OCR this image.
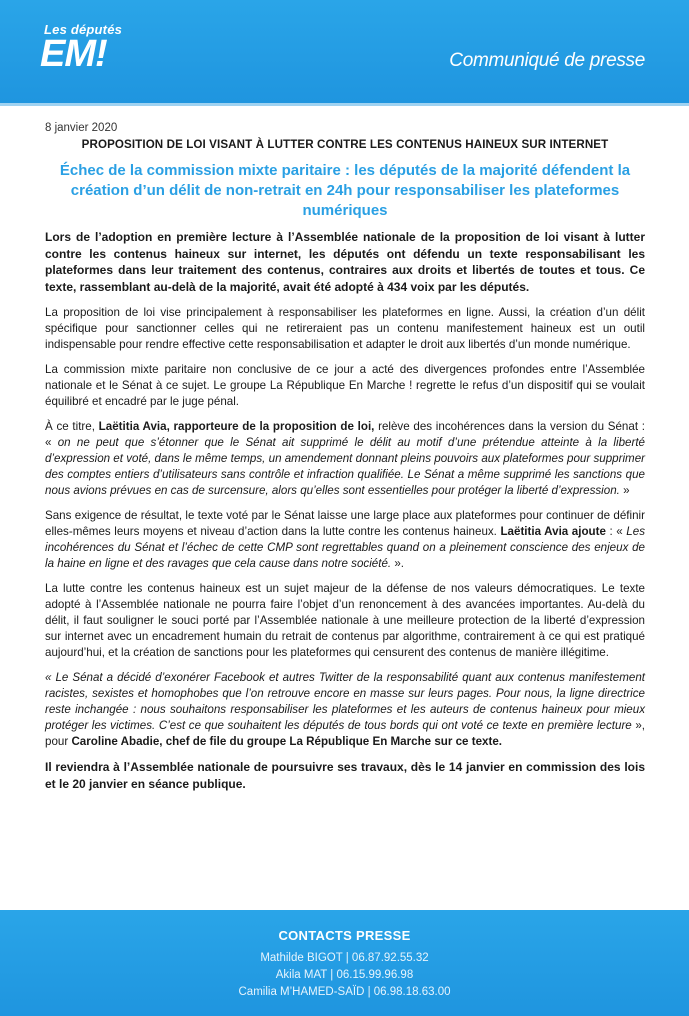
Les députés
EM!	Communiqué de presse
8 janvier 2020
PROPOSITION DE LOI VISANT À LUTTER CONTRE LES CONTENUS HAINEUX SUR INTERNET
Échec de la commission mixte paritaire : les députés de la majorité défendent la création d’un délit de non-retrait en 24h pour responsabiliser les plateformes numériques

Lors de l’adoption en première lecture à l’Assemblée nationale de la proposition de loi visant à lutter contre les contenus haineux sur internet, les députés ont défendu un texte responsabilisant les plateformes dans leur traitement des contenus, contraires aux droits et libertés de toutes et tous. Ce texte, rassemblant au-delà de la majorité, avait été adopté à 434 voix par les députés.

La proposition de loi vise principalement à responsabiliser les plateformes en ligne. Aussi, la création d’un délit spécifique pour sanctionner celles qui ne retireraient pas un contenu manifestement haineux est un outil indispensable pour rendre effective cette responsabilisation et adapter le droit aux libertés d’un monde numérique.

La commission mixte paritaire non conclusive de ce jour a acté des divergences profondes entre l’Assemblée nationale et le Sénat à ce sujet. Le groupe La République En Marche ! regrette le refus d’un dispositif qui se voulait équilibré et encadré par le juge pénal.

À ce titre, Laëtitia Avia, rapporteure de la proposition de loi, relève des incohérences dans la version du Sénat : « on ne peut que s’étonner que le Sénat ait supprimé le délit au motif d’une prétendue atteinte à la liberté d’expression et voté, dans le même temps, un amendement donnant pleins pouvoirs aux plateformes pour supprimer des comptes entiers d’utilisateurs sans contrôle et infraction qualifiée. Le Sénat a même supprimé les sanctions que nous avions prévues en cas de surcensure, alors qu’elles sont essentielles pour protéger la liberté d’expression. »

Sans exigence de résultat, le texte voté par le Sénat laisse une large place aux plateformes pour continuer de définir elles-mêmes leurs moyens et niveau d’action dans la lutte contre les contenus haineux. Laëtitia Avia ajoute : « Les incohérences du Sénat et l’échec de cette CMP sont regrettables quand on a pleinement conscience des enjeux de la haine en ligne et des ravages que cela cause dans notre société. ».

La lutte contre les contenus haineux est un sujet majeur de la défense de nos valeurs démocratiques. Le texte adopté à l’Assemblée nationale ne pourra faire l’objet d’un renoncement à des avancées importantes. Au-delà du délit, il faut souligner le souci porté par l’Assemblée nationale à une meilleure protection de la liberté d’expression sur internet avec un encadrement humain du retrait de contenus par algorithme, contrairement à ce qui est pratiqué aujourd’hui, et la création de sanctions pour les plateformes qui censurent des contenus de manière illégitime.

« Le Sénat a décidé d’exonérer Facebook et autres Twitter de la responsabilité quant aux contenus manifestement racistes, sexistes et homophobes que l’on retrouve encore en masse sur leurs pages. Pour nous, la ligne directrice reste inchangée : nous souhaitons responsabiliser les plateformes et les auteurs de contenus haineux pour mieux protéger les victimes. C’est ce que souhaitent les députés de tous bords qui ont voté ce texte en première lecture », pour Caroline Abadie, chef de file du groupe La République En Marche sur ce texte.

Il reviendra à l’Assemblée nationale de poursuivre ses travaux, dès le 14 janvier en commission des lois et le 20 janvier en séance publique.

CONTACTS PRESSE
Mathilde BIGOT | 06.87.92.55.32
Akila MAT | 06.15.99.96.98
Camilia M’HAMED-SAÏD | 06.98.18.63.00
